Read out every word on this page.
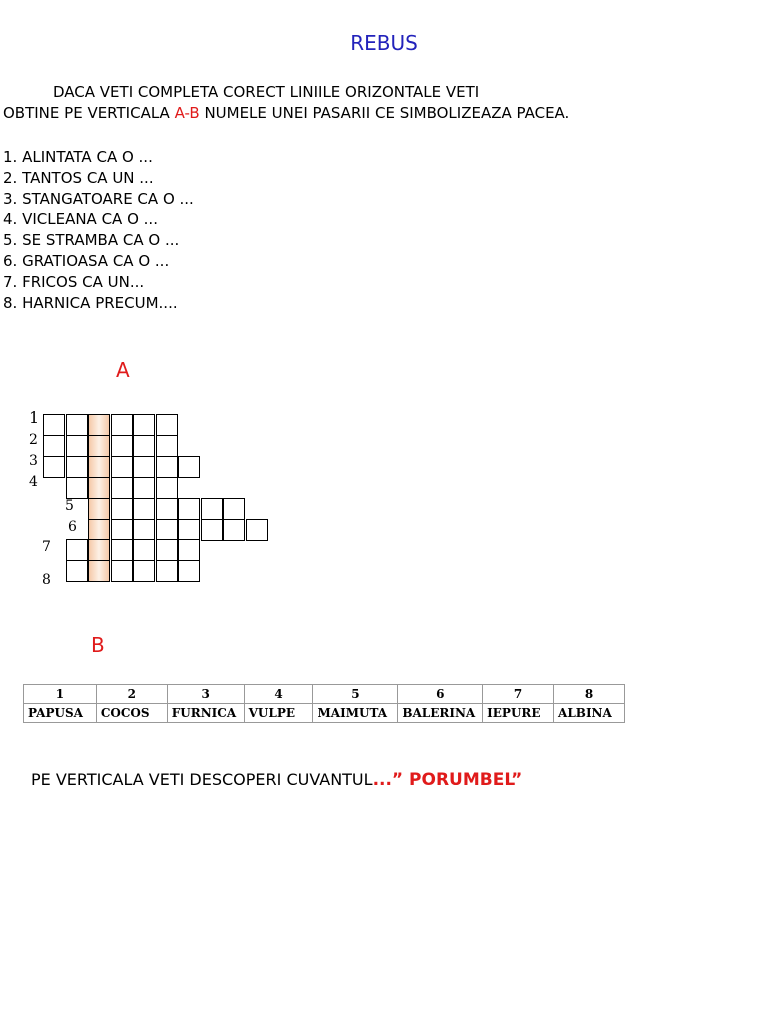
REBUS
DACA VETI COMPLETA CORECT LINIILE ORIZONTALE VETI
OBTINE PE VERTICALA A-B NUMELE UNEI PASARII CE SIMBOLIZEAZA PACEA.
1. ALINTATA CA O ...
2. TANTOS CA UN ...
3. STANGATOARE CA O ...
4. VICLEANA CA O ...
5. SE STRAMBA CA O ...
6. GRATIOASA CA O ...
7. FRICOS CA UN...
8. HARNICA PRECUM....
A
1
2
3
4
5
6
7
8
B
1	2	3	4	5	6	7	8
PAPUSA	COCOS	FURNICA	VULPE	MAIMUTA	BALERINA	IEPURE	ALBINA
PE VERTICALA VETI DESCOPERI CUVANTUL...” PORUMBEL”
